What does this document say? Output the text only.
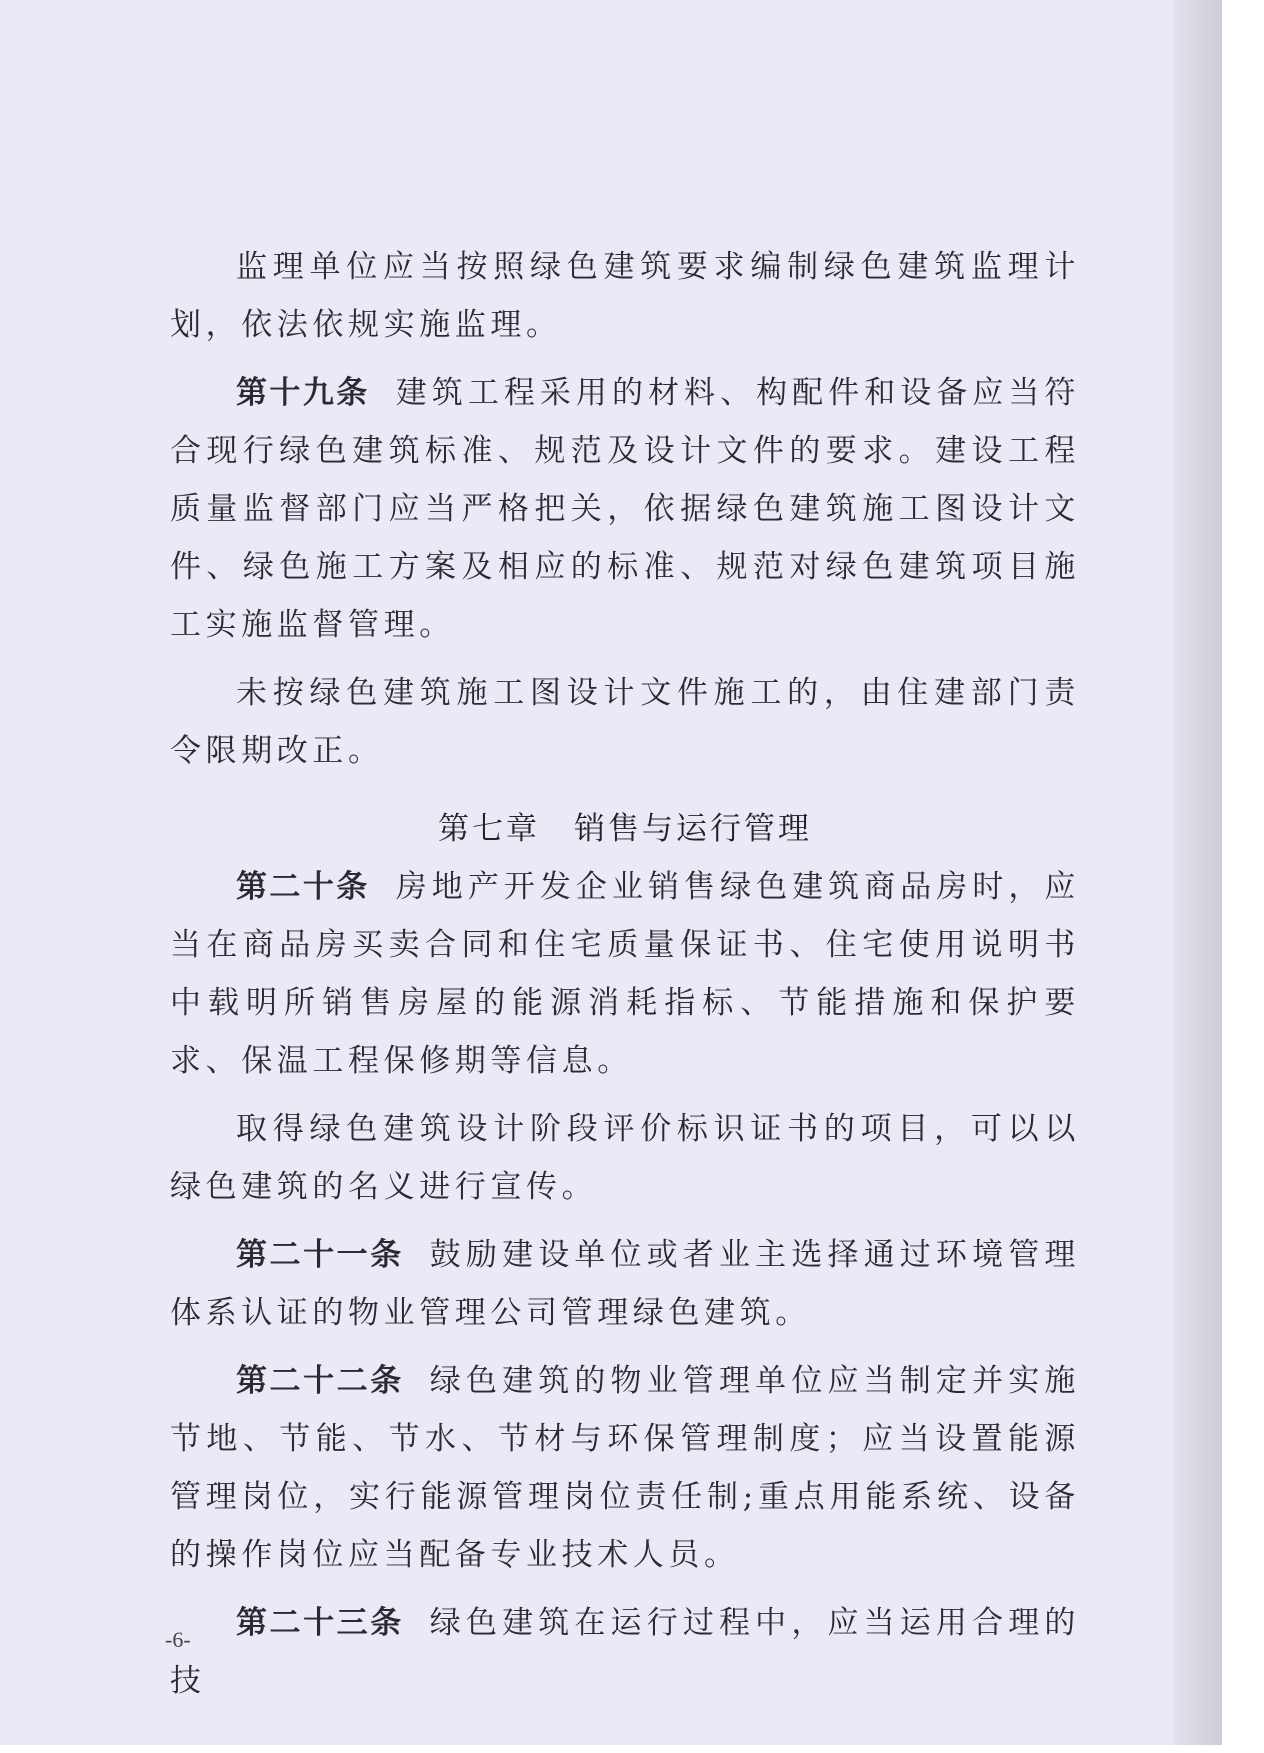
监理单位应当按照绿色建筑要求编制绿色建筑监理计划，依法依规实施监理。

第十九条 建筑工程采用的材料、构配件和设备应当符合现行绿色建筑标准、规范及设计文件的要求。建设工程质量监督部门应当严格把关，依据绿色建筑施工图设计文件、绿色施工方案及相应的标准、规范对绿色建筑项目施工实施监督管理。

未按绿色建筑施工图设计文件施工的，由住建部门责令限期改正。

第七章 销售与运行管理

第二十条 房地产开发企业销售绿色建筑商品房时，应当在商品房买卖合同和住宅质量保证书、住宅使用说明书中载明所销售房屋的能源消耗指标、节能措施和保护要求、保温工程保修期等信息。

取得绿色建筑设计阶段评价标识证书的项目，可以以绿色建筑的名义进行宣传。

第二十一条 鼓励建设单位或者业主选择通过环境管理体系认证的物业管理公司管理绿色建筑。

第二十二条 绿色建筑的物业管理单位应当制定并实施节地、节能、节水、节材与环保管理制度；应当设置能源管理岗位，实行能源管理岗位责任制;重点用能系统、设备的操作岗位应当配备专业技术人员。

第二十三条 绿色建筑在运行过程中，应当运用合理的技

-6-
